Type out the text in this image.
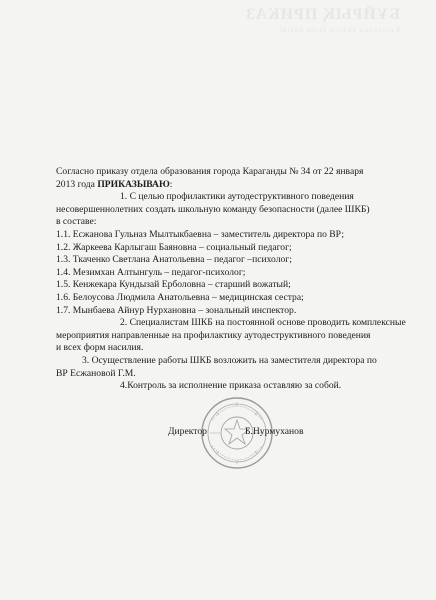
БҰЙРЫҚ ПРИКАЗ
Қарағанды қаласы білім бөлімі
Согласно приказу отдела образования города Караганды № 34 от 22 января
2013 года ПРИКАЗЫВАЮ:
1. С целью профилактики аутодеструктивного поведения
несовершеннолетних создать школьную команду безопасности (далее ШКБ)
в составе:
1.1. Есжанова Гульназ Мылтыкбаевна – заместитель директора по ВР;
1.2. Жаркеева Карлыгаш Баяновна – социальный педагог;
1.3. Ткаченко Светлана Анатольевна – педагог –психолог;
1.4. Мезимхан Алтынгуль – педагог-психолог;
1.5. Кенжекара Кундызай Ерболовна – старший вожатый;
1.6. Белоусова Людмила Анатольевна – медицинская сестра;
1.7. Мынбаева Айнур Нурхановна – зональный инспектор.
2. Специалистам ШКБ на постоянной основе проводить комплексные
мероприятия направленные на профилактику аутодеструктивного поведения
и всех форм насилия.
3. Осуществление работы ШКБ возложить на заместителя директора по
ВР Есжановой Г.М.
4.Контроль за исполнение приказа оставляю за собой.
Директор	Б.Нурмуханов
